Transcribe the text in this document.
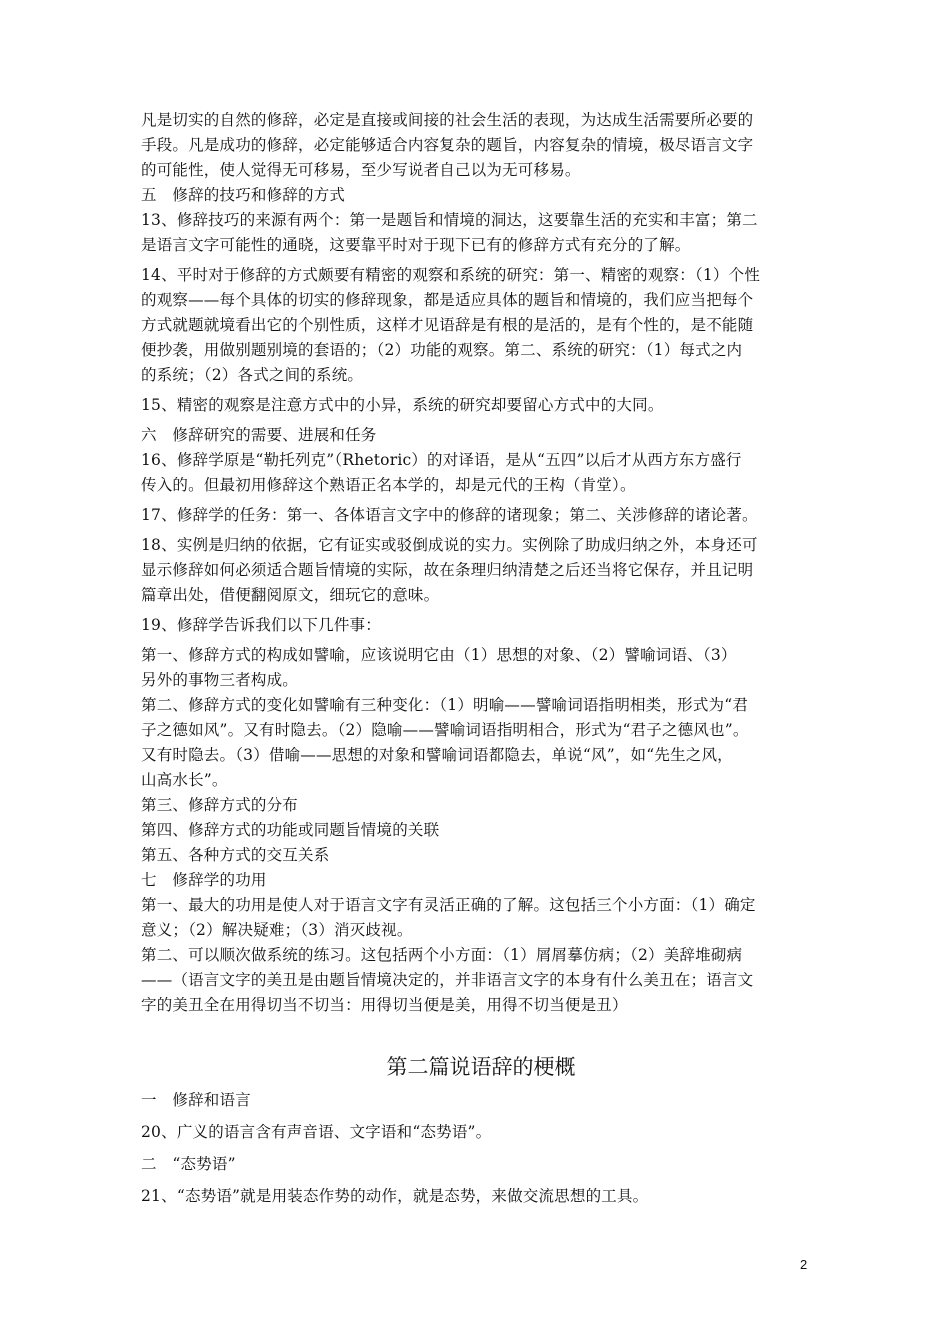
凡是切实的自然的修辞，必定是直接或间接的社会生活的表现，为达成生活需要所必要的
手段。凡是成功的修辞，必定能够适合内容复杂的题旨，内容复杂的情境，极尽语言文字
的可能性，使人觉得无可移易，至少写说者自己以为无可移易。
五　修辞的技巧和修辞的方式
13、修辞技巧的来源有两个：第一是题旨和情境的洞达，这要靠生活的充实和丰富；第二
是语言文字可能性的通晓，这要靠平时对于现下已有的修辞方式有充分的了解。
14、平时对于修辞的方式颇要有精密的观察和系统的研究：第一、精密的观察：（1）个性
的观察——每个具体的切实的修辞现象，都是适应具体的题旨和情境的，我们应当把每个
方式就题就境看出它的个别性质，这样才见语辞是有根的是活的，是有个性的，是不能随
便抄袭，用做别题别境的套语的；（2）功能的观察。第二、系统的研究：（1）每式之内
的系统；（2）各式之间的系统。
15、精密的观察是注意方式中的小异，系统的研究却要留心方式中的大同。
六　修辞研究的需要、进展和任务
16、修辞学原是“勒托列克”（Rhetoric）的对译语，是从“五四”以后才从西方东方盛行
传入的。但最初用修辞这个熟语正名本学的，却是元代的王构（肯堂）。
17、修辞学的任务：第一、各体语言文字中的修辞的诸现象；第二、关涉修辞的诸论著。
18、实例是归纳的依据，它有证实或驳倒成说的实力。实例除了助成归纳之外，本身还可
显示修辞如何必须适合题旨情境的实际，故在条理归纳清楚之后还当将它保存，并且记明
篇章出处，借便翻阅原文，细玩它的意味。
19、修辞学告诉我们以下几件事：
第一、修辞方式的构成如譬喻，应该说明它由（1）思想的对象、（2）譬喻词语、（3）
另外的事物三者构成。
第二、修辞方式的变化如譬喻有三种变化：（1）明喻——譬喻词语指明相类，形式为“君
子之德如风”。又有时隐去。（2）隐喻——譬喻词语指明相合，形式为“君子之德风也”。
又有时隐去。（3）借喻——思想的对象和譬喻词语都隐去，单说“风”，如“先生之风，
山高水长”。
第三、修辞方式的分布
第四、修辞方式的功能或同题旨情境的关联
第五、各种方式的交互关系
七　修辞学的功用
第一、最大的功用是使人对于语言文字有灵活正确的了解。这包括三个小方面：（1）确定
意义；（2）解决疑难；（3）消灭歧视。
第二、可以顺次做系统的练习。这包括两个小方面：（1）屑屑摹仿病；（2）美辞堆砌病
——（语言文字的美丑是由题旨情境决定的，并非语言文字的本身有什么美丑在；语言文
字的美丑全在用得切当不切当：用得切当便是美，用得不切当便是丑）
第二篇说语辞的梗概
一　修辞和语言
20、广义的语言含有声音语、文字语和“态势语”。
二　“态势语”
21、“态势语”就是用装态作势的动作，就是态势，来做交流思想的工具。
2
